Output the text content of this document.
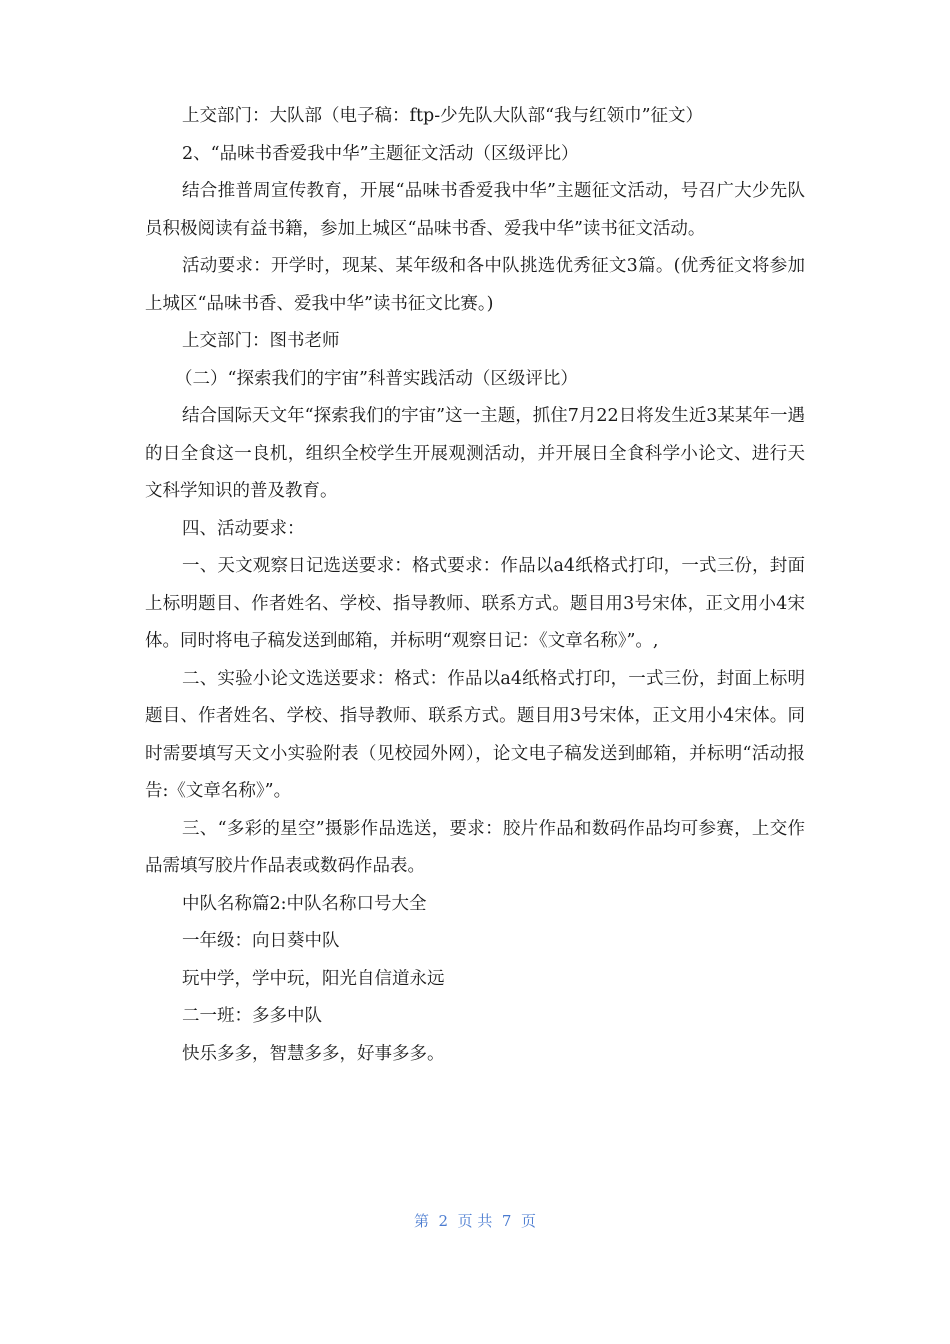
上交部门：大队部（电子稿：ftp-少先队大队部“我与红领巾”征文）

2、“品味书香爱我中华”主题征文活动（区级评比）

结合推普周宣传教育，开展“品味书香爱我中华”主题征文活动，号召广大少先队员积极阅读有益书籍，参加上城区“品味书香、爱我中华”读书征文活动。

活动要求：开学时，现某、某年级和各中队挑选优秀征文3篇。(优秀征文将参加上城区“品味书香、爱我中华”读书征文比赛。)

上交部门：图书老师

（二）“探索我们的宇宙”科普实践活动（区级评比）

结合国际天文年“探索我们的宇宙”这一主题，抓住7月22日将发生近3某某年一遇的日全食这一良机，组织全校学生开展观测活动，并开展日全食科学小论文、进行天文科学知识的普及教育。

四、活动要求：

一、天文观察日记选送要求：格式要求：作品以a4纸格式打印，一式三份，封面上标明题目、作者姓名、学校、指导教师、联系方式。题目用3号宋体，正文用小4宋体。同时将电子稿发送到邮箱，并标明“观察日记：《文章名称》”。,

二、实验小论文选送要求：格式：作品以a4纸格式打印，一式三份，封面上标明题目、作者姓名、学校、指导教师、联系方式。题目用3号宋体，正文用小4宋体。同时需要填写天文小实验附表（见校园外网），论文电子稿发送到邮箱，并标明“活动报告:《文章名称》”。

三、“多彩的星空”摄影作品选送，要求：胶片作品和数码作品均可参赛，上交作品需填写胶片作品表或数码作品表。

中队名称篇2:中队名称口号大全

一年级：向日葵中队

玩中学，学中玩，阳光自信道永远

二一班：多多中队

快乐多多，智慧多多，好事多多。

第  2  页 共  7  页
